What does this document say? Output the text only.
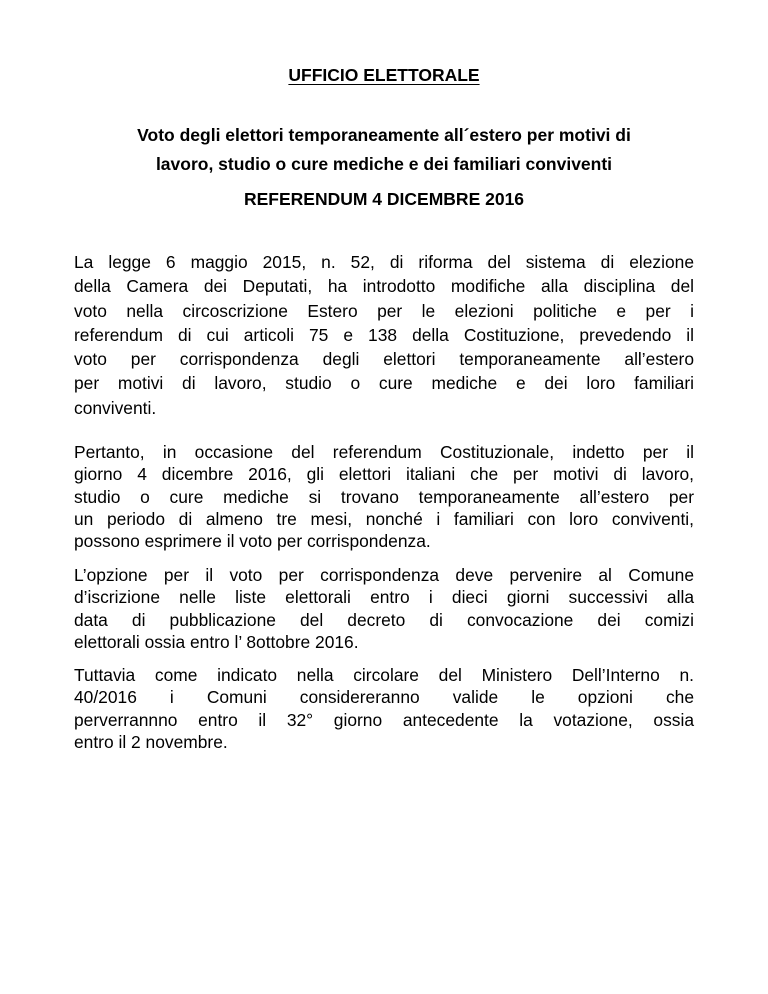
UFFICIO ELETTORALE
Voto degli elettori temporaneamente all´estero per motivi di
lavoro, studio o cure mediche e dei familiari conviventi
REFERENDUM 4 DICEMBRE 2016
La legge 6 maggio 2015, n. 52, di riforma del sistema di elezione
della Camera dei Deputati, ha introdotto modifiche alla disciplina del
voto nella circoscrizione Estero per le elezioni politiche e per i
referendum di cui articoli 75 e 138 della Costituzione, prevedendo il
voto per corrispondenza degli elettori temporaneamente all’estero
per motivi di lavoro, studio o cure mediche e dei loro familiari
conviventi.
Pertanto, in occasione del referendum Costituzionale, indetto per il
giorno 4 dicembre 2016, gli elettori italiani che per motivi di lavoro,
studio o cure mediche si trovano temporaneamente all’estero per
un periodo di almeno tre mesi, nonché i familiari con loro conviventi,
possono esprimere il voto per corrispondenza.
L’opzione per il voto per corrispondenza deve pervenire al Comune
d’iscrizione nelle liste elettorali entro i dieci giorni successivi alla
data di pubblicazione del decreto di convocazione dei comizi
elettorali ossia entro l’ 8ottobre 2016.
Tuttavia come indicato nella circolare del Ministero Dell’Interno n.
40/2016 i Comuni considereranno valide le opzioni che
perverrannno entro il 32° giorno antecedente la votazione, ossia
entro il 2 novembre.
